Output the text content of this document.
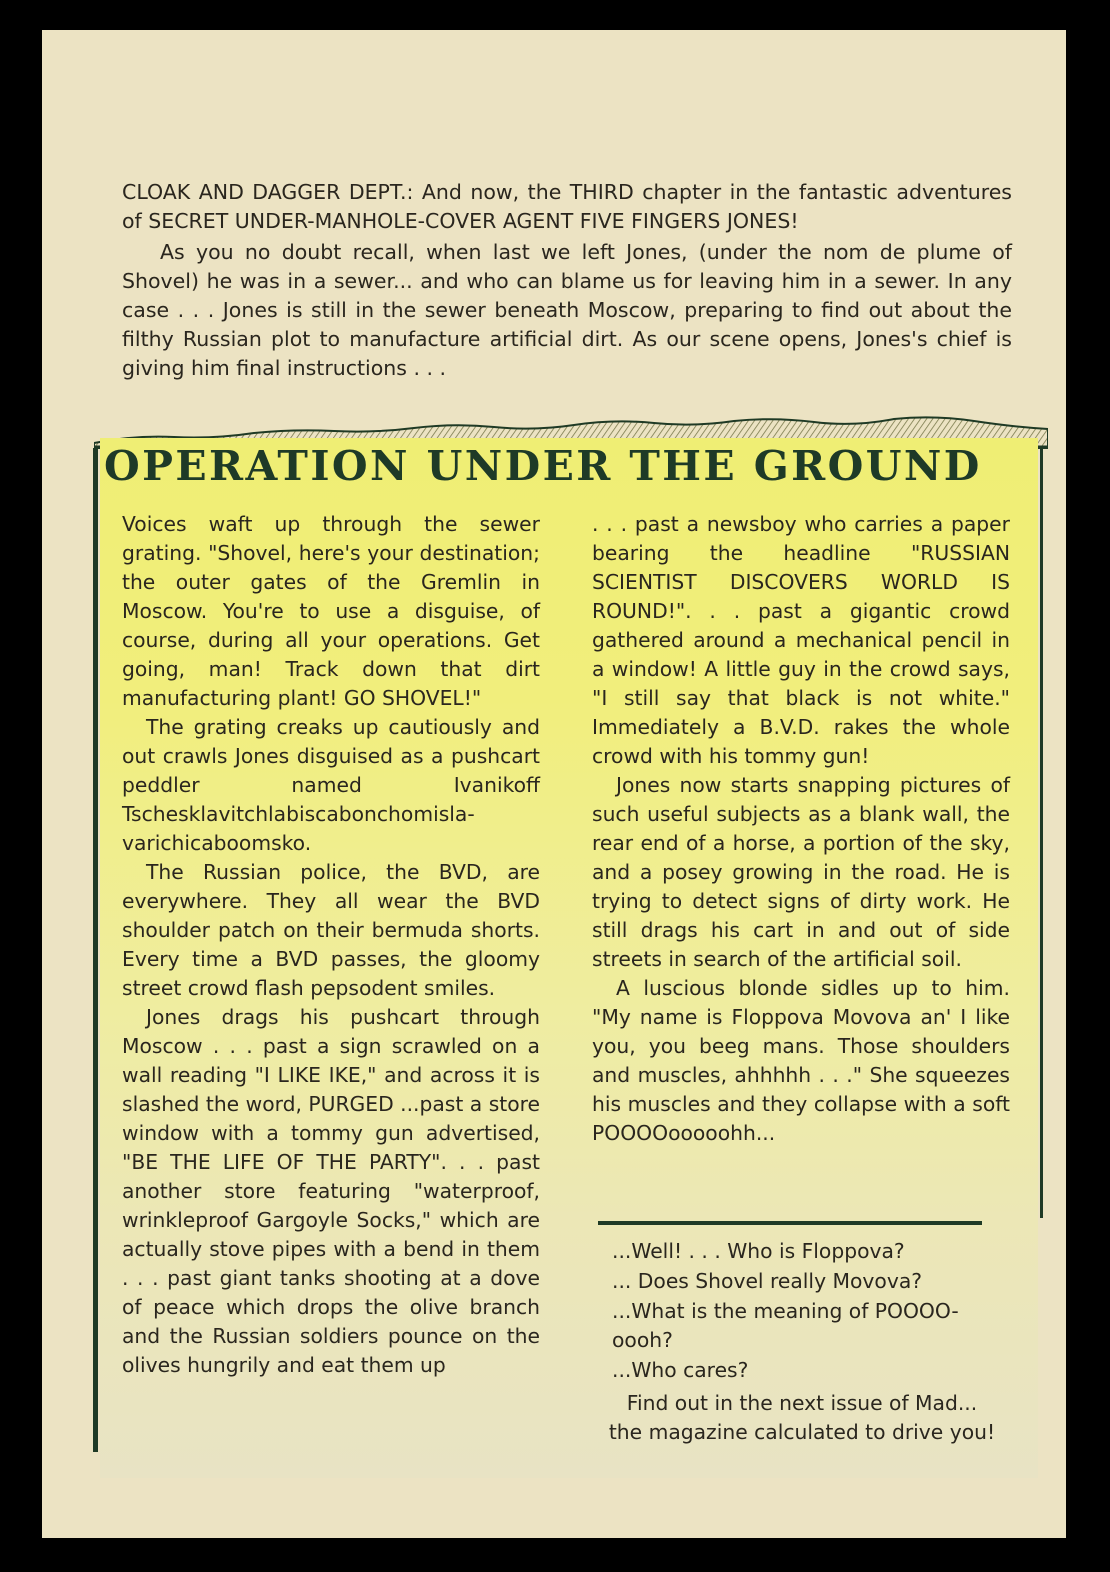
CLOAK AND DAGGER DEPT.: And now, the THIRD chapter in the fantastic adventures of SECRET UNDER-MANHOLE-COVER AGENT FIVE FINGERS JONES!

As you no doubt recall, when last we left Jones, (under the nom de plume of Shovel) he was in a sewer... and who can blame us for leaving him in a sewer. In any case . . . Jones is still in the sewer beneath Moscow, preparing to find out about the filthy Russian plot to manufacture artificial dirt. As our scene opens, Jones's chief is giving him final instructions . . .

OPERATION UNDER THE GROUND

Voices waft up through the sewer grating. "Shovel, here's your destination; the outer gates of the Gremlin in Moscow. You're to use a disguise, of course, during all your operations. Get going, man! Track down that dirt manufacturing plant! GO SHOVEL!"

The grating creaks up cautiously and out crawls Jones disguised as a pushcart peddler named Ivanikoff Tschesklavitchlabiscabonchomislavarichicaboomsko.

The Russian police, the BVD, are everywhere. They all wear the BVD shoulder patch on their bermuda shorts. Every time a BVD passes, the gloomy street crowd flash pepsodent smiles.

Jones drags his pushcart through Moscow . . . past a sign scrawled on a wall reading "I LIKE IKE," and across it is slashed the word, PURGED ...past a store window with a tommy gun advertised, "BE THE LIFE OF THE PARTY". . . past another store featuring "waterproof, wrinkleproof Gargoyle Socks," which are actually stove pipes with a bend in them . . . past giant tanks shooting at a dove of peace which drops the olive branch and the Russian soldiers pounce on the olives hungrily and eat them up

. . . past a newsboy who carries a paper bearing the headline "RUSSIAN SCIENTIST DISCOVERS WORLD IS ROUND!". . . past a gigantic crowd gathered around a mechanical pencil in a window! A little guy in the crowd says, "I still say that black is not white." Immediately a B.V.D. rakes the whole crowd with his tommy gun!

Jones now starts snapping pictures of such useful subjects as a blank wall, the rear end of a horse, a portion of the sky, and a posey growing in the road. He is trying to detect signs of dirty work. He still drags his cart in and out of side streets in search of the artificial soil.

A luscious blonde sidles up to him. "My name is Floppova Movova an' I like you, you beeg mans. Those shoulders and muscles, ahhhhh . . ." She squeezes his muscles and they collapse with a soft POOOOooooohh...

...Well! . . . Who is Floppova?

... Does Shovel really Movova?

...What is the meaning of POOOO-oooh?

...Who cares?

Find out in the next issue of Mad...

the magazine calculated to drive you!
